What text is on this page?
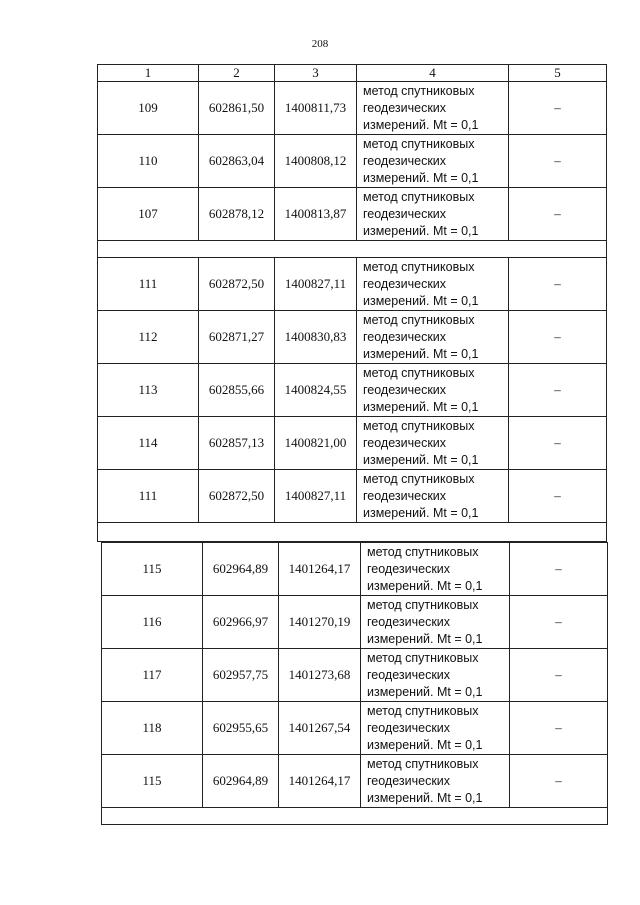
208
1	2	3	4	5
109	602861,50	1400811,73	метод спутниковых
геодезических
измерений. Mt = 0,1	–
110	602863,04	1400808,12	метод спутниковых
геодезических
измерений. Mt = 0,1	–
107	602878,12	1400813,87	метод спутниковых
геодезических
измерений. Mt = 0,1	–

111	602872,50	1400827,11	метод спутниковых
геодезических
измерений. Mt = 0,1	–
112	602871,27	1400830,83	метод спутниковых
геодезических
измерений. Mt = 0,1	–
113	602855,66	1400824,55	метод спутниковых
геодезических
измерений. Mt = 0,1	–
114	602857,13	1400821,00	метод спутниковых
геодезических
измерений. Mt = 0,1	–
111	602872,50	1400827,11	метод спутниковых
геодезических
измерений. Mt = 0,1	–

115	602964,89	1401264,17	метод спутниковых
геодезических
измерений. Mt = 0,1	–
116	602966,97	1401270,19	метод спутниковых
геодезических
измерений. Mt = 0,1	–
117	602957,75	1401273,68	метод спутниковых
геодезических
измерений. Mt = 0,1	–
118	602955,65	1401267,54	метод спутниковых
геодезических
измерений. Mt = 0,1	–
115	602964,89	1401264,17	метод спутниковых
геодезических
измерений. Mt = 0,1	–
